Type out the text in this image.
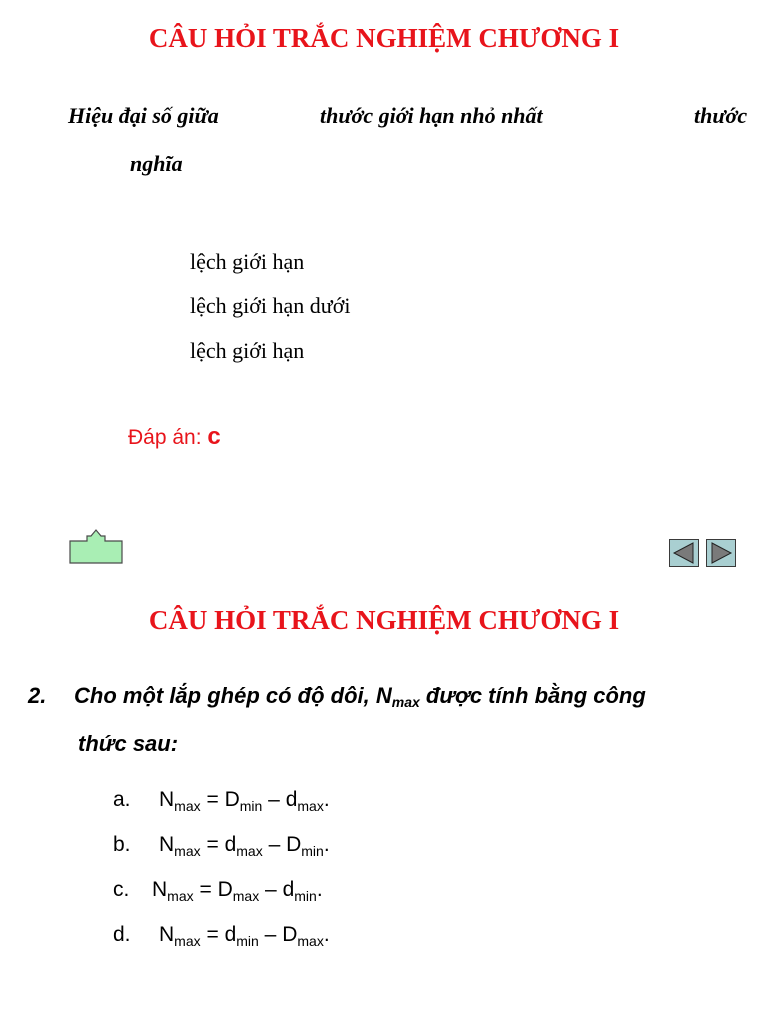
CÂU HỎI TRẮC NGHIỆM CHƯƠNG I
Hiệu đại số giữa	thước giới hạn nhỏ nhất	thước
nghĩa
lệch giới hạn
lệch giới hạn dưới
lệch giới hạn
Đáp án: c
CÂU HỎI TRẮC NGHIỆM CHƯƠNG I
2. Cho một lắp ghép có độ dôi, $N_{max}$ được tính bằng công
thức sau:
a. $N_{max} = D_{min} - d_{max}$.
b. $N_{max} = d_{max} - D_{min}$.
c. $N_{max} = D_{max} - d_{min}$.
d. $N_{max} = d_{min} - D_{max}$.
